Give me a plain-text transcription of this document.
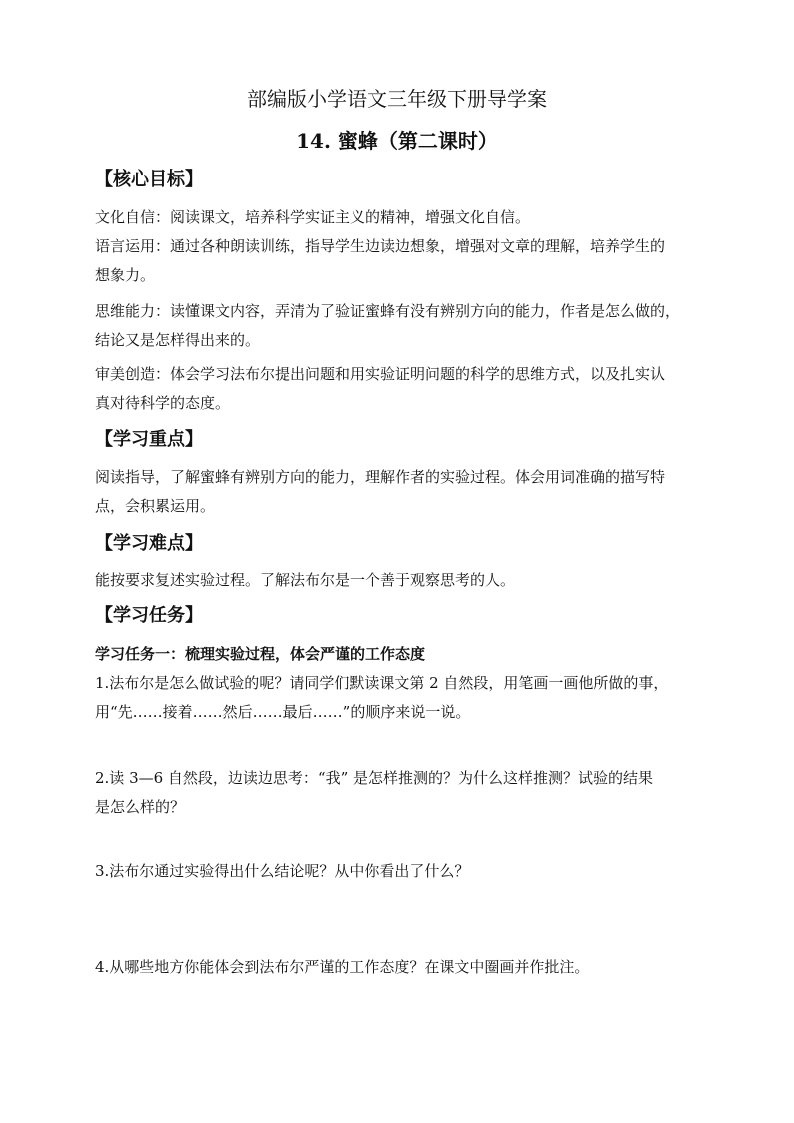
部编版小学语文三年级下册导学案
14. 蜜蜂（第二课时）
【核心目标】
文化自信：阅读课文，培养科学实证主义的精神，增强文化自信。
语言运用：通过各种朗读训练，指导学生边读边想象，增强对文章的理解，培养学生的
想象力。
思维能力：读懂课文内容，弄清为了验证蜜蜂有没有辨别方向的能力，作者是怎么做的，
结论又是怎样得出来的。
审美创造：体会学习法布尔提出问题和用实验证明问题的科学的思维方式，以及扎实认
真对待科学的态度。
【学习重点】
阅读指导，了解蜜蜂有辨别方向的能力，理解作者的实验过程。体会用词准确的描写特
点，会积累运用。
【学习难点】
能按要求复述实验过程。了解法布尔是一个善于观察思考的人。
【学习任务】
学习任务一：梳理实验过程，体会严谨的工作态度
1.法布尔是怎么做试验的呢？请同学们默读课文第 2 自然段，用笔画一画他所做的事，
用“先……接着……然后……最后……”的顺序来说一说。
2.读 3—6 自然段，边读边思考：“我” 是怎样推测的？为什么这样推测？试验的结果
是怎么样的？
3.法布尔通过实验得出什么结论呢？从中你看出了什么？
4.从哪些地方你能体会到法布尔严谨的工作态度？在课文中圈画并作批注。
